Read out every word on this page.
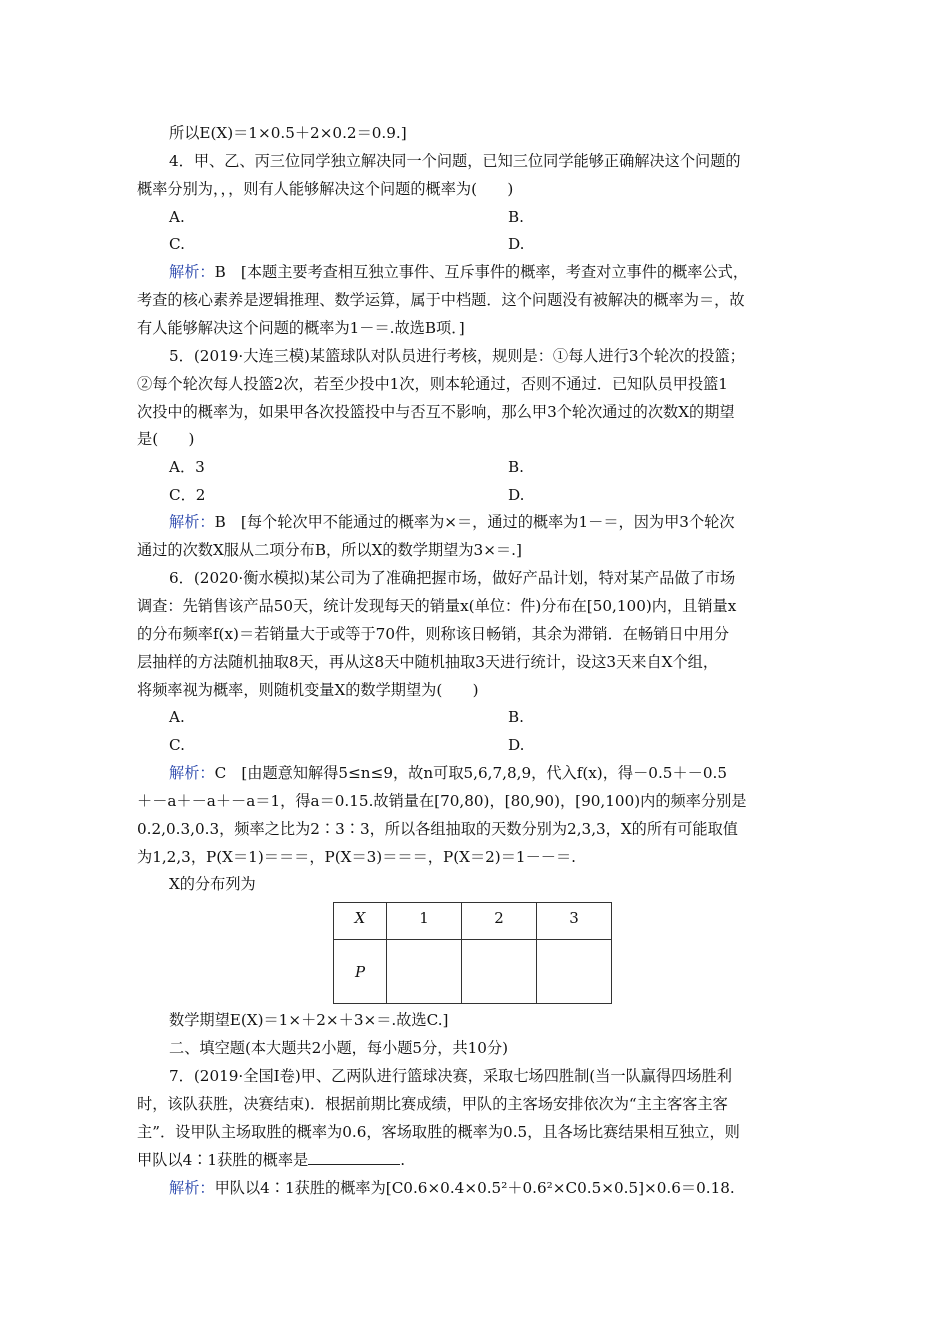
所以E(X)＝1×0.5＋2×0.2＝0.9.]
4．甲、乙、丙三位同学独立解决同一个问题，已知三位同学能够正确解决这个问题的
概率分别为，，，则有人能够解决这个问题的概率为(　　)
A.	B.
C.	D.
解析：B　[本题主要考查相互独立事件、互斥事件的概率，考查对立事件的概率公式，
考查的核心素养是逻辑推理、数学运算，属于中档题．这个问题没有被解决的概率为＝，故
有人能够解决这个问题的概率为1－＝.故选B项．]
5．(2019·大连三模)某篮球队对队员进行考核，规则是：①每人进行3个轮次的投篮；
②每个轮次每人投篮2次，若至少投中1次，则本轮通过，否则不通过．已知队员甲投篮1
次投中的概率为，如果甲各次投篮投中与否互不影响，那么甲3个轮次通过的次数X的期望
是(　　)
A．3	B.
C．2	D.
解析：B　[每个轮次甲不能通过的概率为×＝，通过的概率为1－＝，因为甲3个轮次
通过的次数X服从二项分布B，所以X的数学期望为3×＝.]
6．(2020·衡水模拟)某公司为了准确把握市场，做好产品计划，特对某产品做了市场
调查：先销售该产品50天，统计发现每天的销量x(单位：件)分布在[50,100)内，且销量x
的分布频率f(x)＝若销量大于或等于70件，则称该日畅销，其余为滞销．在畅销日中用分
层抽样的方法随机抽取8天，再从这8天中随机抽取3天进行统计，设这3天来自X个组，
将频率视为概率，则随机变量X的数学期望为(　　)
A.	B.
C.	D.
解析：C　[由题意知解得5≤n≤9，故n可取5,6,7,8,9，代入f(x)，得－0.5＋－0.5
＋－a＋－a＋－a＝1，得a＝0.15.故销量在[70,80)，[80,90)，[90,100)内的频率分别是
0.2,0.3,0.3，频率之比为2∶3∶3，所以各组抽取的天数分别为2,3,3，X的所有可能取值
为1,2,3，P(X＝1)＝＝＝，P(X＝3)＝＝＝，P(X＝2)＝1－－＝.
X的分布列为
X	1	2	3
P			
数学期望E(X)＝1×＋2×＋3×＝.故选C.]
二、填空题(本大题共2小题，每小题5分，共10分)
7．(2019·全国Ⅰ卷)甲、乙两队进行篮球决赛，采取七场四胜制(当一队赢得四场胜利
时，该队获胜，决赛结束)．根据前期比赛成绩，甲队的主客场安排依次为“主主客客主客
主”．设甲队主场取胜的概率为0.6，客场取胜的概率为0.5，且各场比赛结果相互独立，则
甲队以4∶1获胜的概率是	.
解析：甲队以4∶1获胜的概率为[C0.6×0.4×0.5²＋0.6²×C0.5×0.5]×0.6＝0.18.
